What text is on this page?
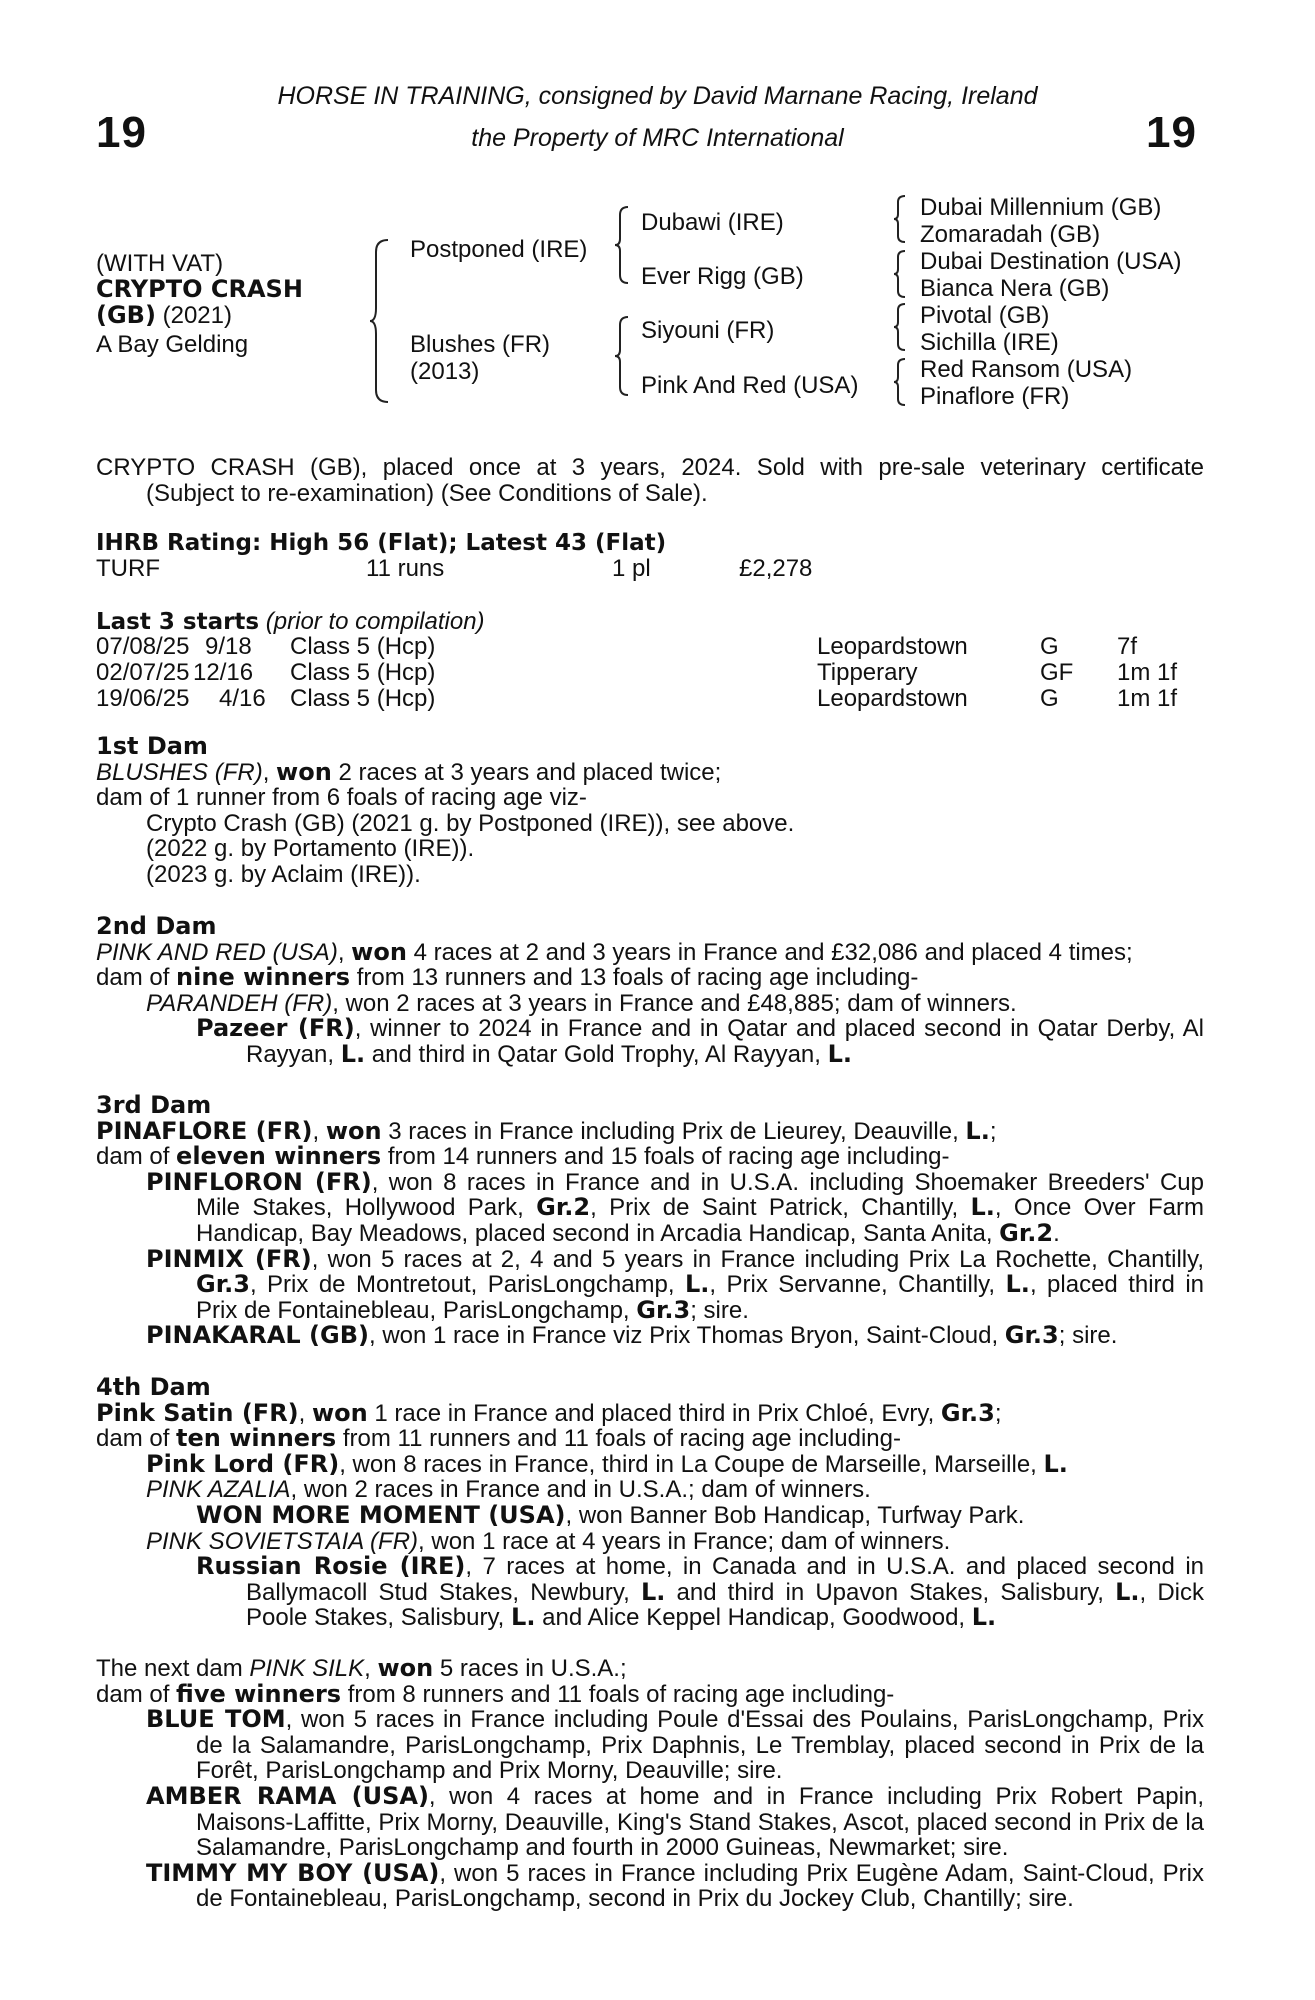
19	19
HORSE IN TRAINING, consigned by David Marnane Racing, Ireland
the Property of MRC International
(WITH VAT)
CRYPTO CRASH
(GB) (2021)
A Bay Gelding
Postponed (IRE)
Blushes (FR)
(2013)
Dubawi (IRE)
Ever Rigg (GB)
Siyouni (FR)
Pink And Red (USA)
Dubai Millennium (GB)
Zomaradah (GB)
Dubai Destination (USA)
Bianca Nera (GB)
Pivotal (GB)
Sichilla (IRE)
Red Ransom (USA)
Pinaflore (FR)
CRYPTO CRASH (GB), placed once at 3 years, 2024. Sold with pre-sale veterinary certificate
(Subject to re-examination) (See Conditions of Sale).
IHRB Rating: High 56 (Flat); Latest 43 (Flat)
TURF	11 runs	1 pl	£2,278
Last 3 starts (prior to compilation)
07/08/25 9/18 Class 5 (Hcp)	Leopardstown	G 7f
02/07/25 12/16 Class 5 (Hcp)	Tipperary	GF 1m 1f
19/06/25 4/16 Class 5 (Hcp)	Leopardstown	G 1m 1f

1st Dam

BLUSHES (FR), won 2 races at 3 years and placed twice;

dam of 1 runner from 6 foals of racing age viz-

Crypto Crash (GB) (2021 g. by Postponed (IRE)), see above.

(2022 g. by Portamento (IRE)).

(2023 g. by Aclaim (IRE)).

2nd Dam

PINK AND RED (USA), won 4 races at 2 and 3 years in France and £32,086 and placed 4 times;

dam of nine winners from 13 runners and 13 foals of racing age including-

PARANDEH (FR), won 2 races at 3 years in France and £48,885; dam of winners.

Pazeer (FR), winner to 2024 in France and in Qatar and placed second in Qatar Derby, Al Rayyan, L. and third in Qatar Gold Trophy, Al Rayyan, L.

3rd Dam

PINAFLORE (FR), won 3 races in France including Prix de Lieurey, Deauville, L.;

dam of eleven winners from 14 runners and 15 foals of racing age including-

PINFLORON (FR), won 8 races in France and in U.S.A. including Shoemaker Breeders' Cup Mile Stakes, Hollywood Park, Gr.2, Prix de Saint Patrick, Chantilly, L., Once Over Farm Handicap, Bay Meadows, placed second in Arcadia Handicap, Santa Anita, Gr.2.

PINMIX (FR), won 5 races at 2, 4 and 5 years in France including Prix La Rochette, Chantilly, Gr.3, Prix de Montretout, ParisLongchamp, L., Prix Servanne, Chantilly, L., placed third in Prix de Fontainebleau, ParisLongchamp, Gr.3; sire.

PINAKARAL (GB), won 1 race in France viz Prix Thomas Bryon, Saint-Cloud, Gr.3; sire.

4th Dam

Pink Satin (FR), won 1 race in France and placed third in Prix Chloé, Evry, Gr.3;

dam of ten winners from 11 runners and 11 foals of racing age including-

Pink Lord (FR), won 8 races in France, third in La Coupe de Marseille, Marseille, L.

PINK AZALIA, won 2 races in France and in U.S.A.; dam of winners.

WON MORE MOMENT (USA), won Banner Bob Handicap, Turfway Park.

PINK SOVIETSTAIA (FR), won 1 race at 4 years in France; dam of winners.

Russian Rosie (IRE), 7 races at home, in Canada and in U.S.A. and placed second in Ballymacoll Stud Stakes, Newbury, L. and third in Upavon Stakes, Salisbury, L., Dick Poole Stakes, Salisbury, L. and Alice Keppel Handicap, Goodwood, L.

The next dam PINK SILK, won 5 races in U.S.A.;

dam of five winners from 8 runners and 11 foals of racing age including-

BLUE TOM, won 5 races in France including Poule d'Essai des Poulains, ParisLongchamp, Prix de la Salamandre, ParisLongchamp, Prix Daphnis, Le Tremblay, placed second in Prix de la Forêt, ParisLongchamp and Prix Morny, Deauville; sire.

AMBER RAMA (USA), won 4 races at home and in France including Prix Robert Papin, Maisons-Laffitte, Prix Morny, Deauville, King's Stand Stakes, Ascot, placed second in Prix de la Salamandre, ParisLongchamp and fourth in 2000 Guineas, Newmarket; sire.

TIMMY MY BOY (USA), won 5 races in France including Prix Eugène Adam, Saint-Cloud, Prix de Fontainebleau, ParisLongchamp, second in Prix du Jockey Club, Chantilly; sire.
